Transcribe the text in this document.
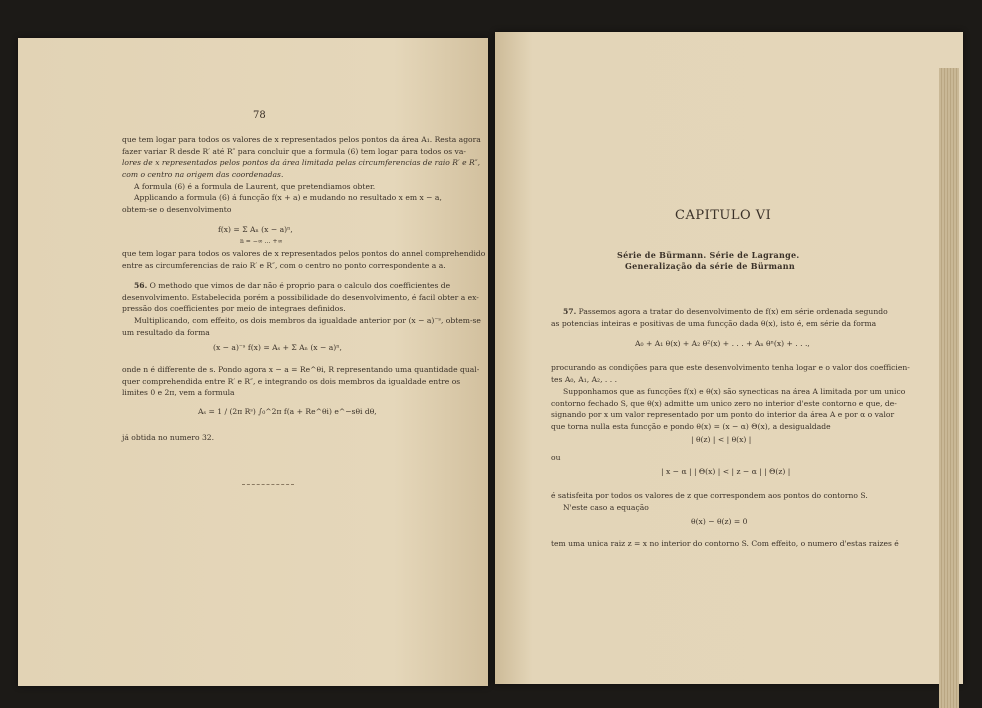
78
que tem logar para todos os valores de x representados pelos pontos da área A₁. Resta agora
fazer variar R desde R′ até R″ para concluir que a formula (6) tem logar para todos os va-
lores de x representados pelos pontos da área limitada pelas circumferencias de raio R′ e R″,
com o centro na origem das coordenadas.
A formula (6) é a formula de Laurent, que pretendiamos obter.
Applicando a formula (6) á funcção f(x + a) e mudando no resultado x em x − a,
obtem-se o desenvolvimento
f(x) = Σ Aₙ (x − a)ⁿ,
n = −∞ … +∞
que tem logar para todos os valores de x representados pelos pontos do annel comprehendido
entre as circumferencias de raio R′ e R″, com o centro no ponto correspondente a a.
56. O methodo que vimos de dar não é proprio para o calculo dos coefficientes de
desenvolvimento. Estabelecida porém a possibilidade do desenvolvimento, é facil obter a ex-
pressão dos coefficientes por meio de integraes definidos.
Multiplicando, com effeito, os dois membros da igualdade anterior por (x − a)⁻ˢ, obtem-se
um resultado da forma
(x − a)⁻ˢ f(x) = Aₛ + Σ Aₙ (x − a)ⁿ,
onde n é differente de s. Pondo agora x − a = Re^θi, R representando uma quantidade qual-
quer comprehendida entre R′ e R″, e integrando os dois membros da igualdade entre os
limites 0 e 2π, vem a formula
Aₛ = 1 / (2π Rˢ) ∫₀^2π f(a + Re^θi) e^−sθi dθ,
já obtida no numero 32.
CAPITULO VI
Série de Bürmann. Série de Lagrange.
Generalização da série de Bürmann
57. Passemos agora a tratar do desenvolvimento de f(x) em série ordenada segundo
as potencias inteiras e positivas de uma funcção dada θ(x), isto é, em série da forma
A₀ + A₁ θ(x) + A₂ θ²(x) + . . . + Aₙ θⁿ(x) + . . .,
procurando as condições para que este desenvolvimento tenha logar e o valor dos coefficien-
tes A₀, A₁, A₂, . . .
Supponhamos que as funcções f(x) e θ(x) são synecticas na área A limitada por um unico
contorno fechado S, que θ(x) admitte um unico zero no interior d'este contorno e que, de-
signando por x um valor representado por um ponto do interior da área A e por α o valor
que torna nulla esta funcção e pondo θ(x) = (x − α) Θ(x), a desigualdade
| θ(z) | < | θ(x) |
ou
| x − α | | Θ(x) | < | z − α | | Θ(z) |
é satisfeita por todos os valores de z que correspondem aos pontos do contorno S.
N'este caso a equação
θ(x) − θ(z) = 0
tem uma unica raiz z = x no interior do contorno S. Com effeito, o numero d'estas raizes é
